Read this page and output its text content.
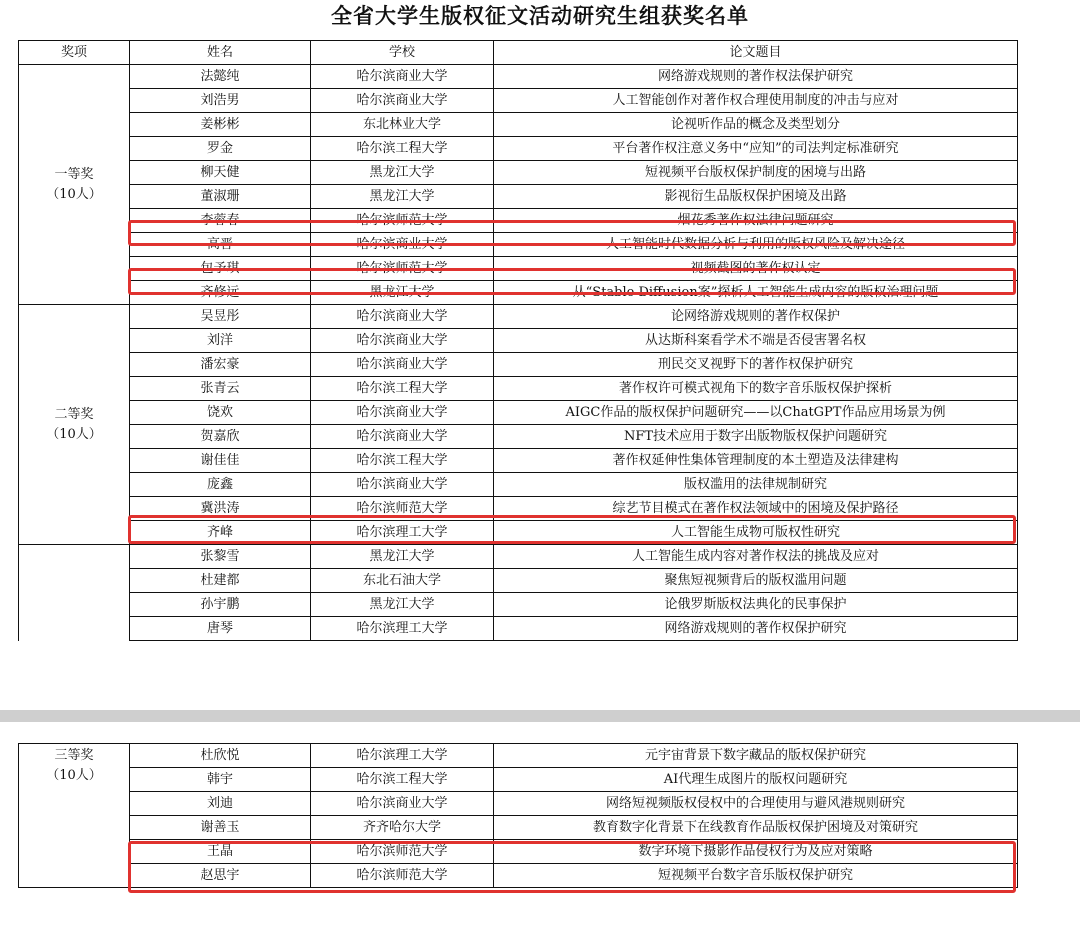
全省大学生版权征文活动研究生组获奖名单
奖项	姓名	学校	论文题目

一等奖
（10人）	法懿纯	哈尔滨商业大学	网络游戏规则的著作权法保护研究
	刘浩男	哈尔滨商业大学	人工智能创作对著作权合理使用制度的冲击与应对
	姜彬彬	东北林业大学	论视听作品的概念及类型划分
	罗金	哈尔滨工程大学	平台著作权注意义务中“应知”的司法判定标准研究
	柳天健	黑龙江大学	短视频平台版权保护制度的困境与出路
	董淑珊	黑龙江大学	影视衍生品版权保护困境及出路
	李蓉春	哈尔滨师范大学	烟花秀著作权法律问题研究
	高晋	哈尔滨商业大学	人工智能时代数据分析与利用的版权风险及解决途径
	包予琪	哈尔滨师范大学	视频截图的著作权认定
	齐修远	黑龙江大学	从“Stable Diffusion案”探析人工智能生成内容的版权治理问题

二等奖
（10人）	吴昱彤	哈尔滨商业大学	论网络游戏规则的著作权保护
	刘洋	哈尔滨商业大学	从达斯科案看学术不端是否侵害署名权
	潘宏豪	哈尔滨商业大学	刑民交叉视野下的著作权保护研究
	张青云	哈尔滨工程大学	著作权许可模式视角下的数字音乐版权保护探析
	饶欢	哈尔滨商业大学	AIGC作品的版权保护问题研究——以ChatGPT作品应用场景为例
	贺嘉欣	哈尔滨商业大学	NFT技术应用于数字出版物版权保护问题研究
	谢佳佳	哈尔滨工程大学	著作权延伸性集体管理制度的本土塑造及法律建构
	庞鑫	哈尔滨商业大学	版权滥用的法律规制研究
	冀洪涛	哈尔滨师范大学	综艺节目模式在著作权法领域中的困境及保护路径
	齐峰	哈尔滨理工大学	人工智能生成物可版权性研究
	张黎雪	黑龙江大学	人工智能生成内容对著作权法的挑战及应对
	杜建都	东北石油大学	聚焦短视频背后的版权滥用问题
	孙宇鹏	黑龙江大学	论俄罗斯版权法典化的民事保护
	唐琴	哈尔滨理工大学	网络游戏规则的著作权保护研究
三等奖
（10人）	杜欣悦	哈尔滨理工大学	元宇宙背景下数字藏品的版权保护研究
	韩宇	哈尔滨工程大学	AI代理生成图片的版权问题研究
	刘迪	哈尔滨商业大学	网络短视频版权侵权中的合理使用与避风港规则研究
	谢善玉	齐齐哈尔大学	教育数字化背景下在线教育作品版权保护困境及对策研究
	王晶	哈尔滨师范大学	数字环境下摄影作品侵权行为及应对策略
	赵思宇	哈尔滨师范大学	短视频平台数字音乐版权保护研究
